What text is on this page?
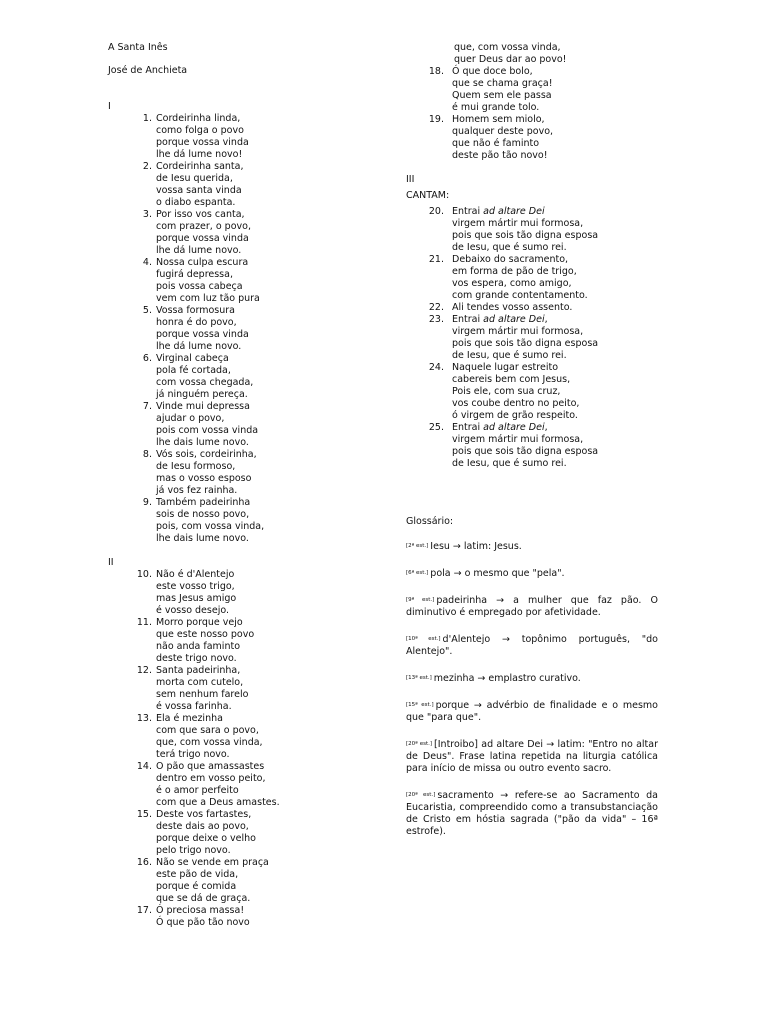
A Santa Inês
José de Anchieta
I
1. Cordeirinha linda,
como folga o povo
porque vossa vinda
lhe dá lume novo!
2. Cordeirinha santa,
de Iesu querida,
vossa santa vinda
o diabo espanta.
3. Por isso vos canta,
com prazer, o povo,
porque vossa vinda
lhe dá lume novo.
4. Nossa culpa escura
fugirá depressa,
pois vossa cabeça
vem com luz tão pura
5. Vossa formosura
honra é do povo,
porque vossa vinda
lhe dá lume novo.
6. Virginal cabeça
pola fé cortada,
com vossa chegada,
já ninguém pereça.
7. Vinde mui depressa
ajudar o povo,
pois com vossa vinda
lhe dais lume novo.
8. Vós sois, cordeirinha,
de Iesu formoso,
mas o vosso esposo
já vos fez rainha.
9. Também padeirinha
sois de nosso povo,
pois, com vossa vinda,
lhe dais lume novo.
II
10. Não é d'Alentejo
este vosso trigo,
mas Jesus amigo
é vosso desejo.
11. Morro porque vejo
que este nosso povo
não anda faminto
deste trigo novo.
12. Santa padeirinha,
morta com cutelo,
sem nenhum farelo
é vossa farinha.
13. Ela é mezinha
com que sara o povo,
que, com vossa vinda,
terá trigo novo.
14. O pão que amassastes
dentro em vosso peito,
é o amor perfeito
com que a Deus amastes.
15. Deste vos fartastes,
deste dais ao povo,
porque deixe o velho
pelo trigo novo.
16. Não se vende em praça
este pão de vida,
porque é comida
que se dá de graça.
17. Ó preciosa massa!
Ó que pão tão novo
que, com vossa vinda,
quer Deus dar ao povo!
18. Ó que doce bolo,
que se chama graça!
Quem sem ele passa
é mui grande tolo.
19. Homem sem miolo,
qualquer deste povo,
que não é faminto
deste pão tão novo!
III
CANTAM:
20. Entrai ad altare Dei
virgem mártir mui formosa,
pois que sois tão digna esposa
de Iesu, que é sumo rei.
21. Debaixo do sacramento,
em forma de pão de trigo,
vos espera, como amigo,
com grande contentamento.
22. Ali tendes vosso assento.
23. Entrai ad altare Dei,
virgem mártir mui formosa,
pois que sois tão digna esposa
de Iesu, que é sumo rei.
24. Naquele lugar estreito
cabereis bem com Jesus,
Pois ele, com sua cruz,
vos coube dentro no peito,
ó virgem de grão respeito.
25. Entrai ad altare Dei,
virgem mártir mui formosa,
pois que sois tão digna esposa
de Iesu, que é sumo rei.
Glossário:
[2ª est.] Iesu → latim: Jesus.
[6ª est.] pola → o mesmo que "pela".
[9ª est.] padeirinha → a mulher que faz pão. O diminutivo é empregado por afetividade.
[10ª est.] d'Alentejo → topônimo português, "do Alentejo".
[13ª est.] mezinha → emplastro curativo.
[15ª est.] porque → advérbio de finalidade e o mesmo que "para que".
[20ª est.] [Introibo] ad altare Dei → latim: "Entro no altar de Deus". Frase latina repetida na liturgia católica para início de missa ou outro evento sacro.
[20ª est.] sacramento → refere-se ao Sacramento da Eucaristia, compreendido como a transubstanciação de Cristo em hóstia sagrada ("pão da vida" – 16ª estrofe).
